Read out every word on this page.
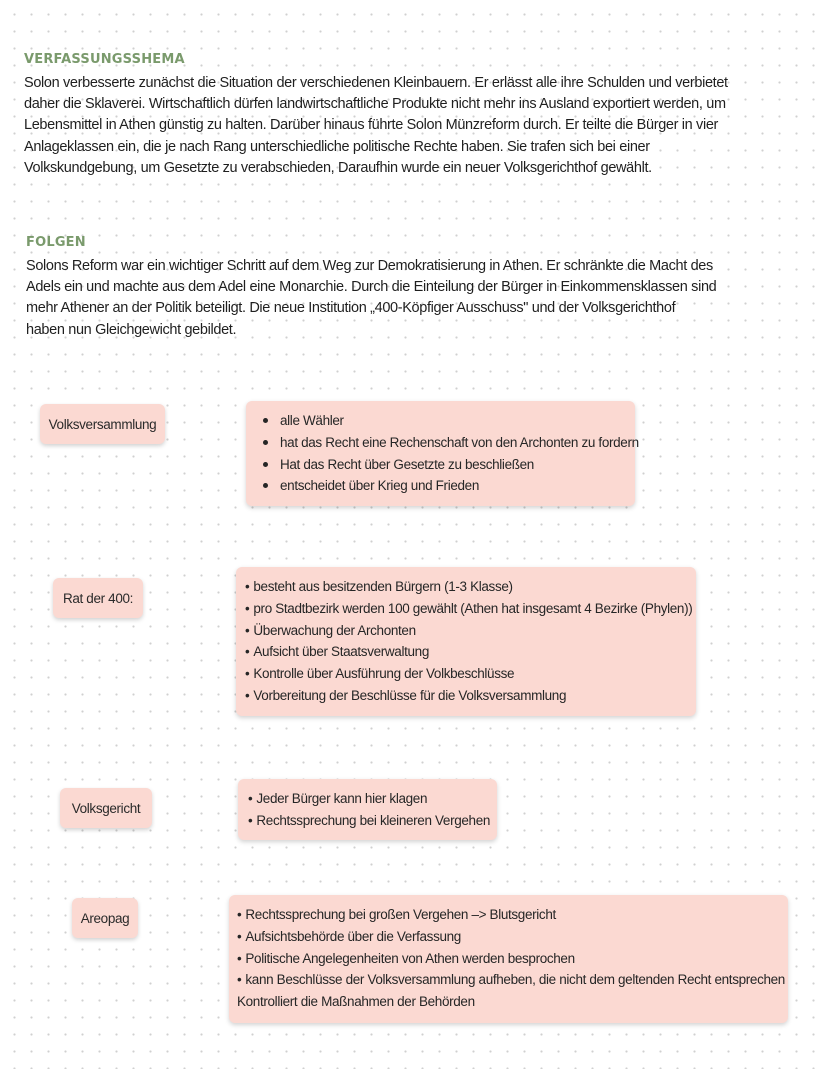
VERFASSUNGSSHEMA

Solon verbesserte zunächst die Situation der verschiedenen Kleinbauern. Er erlässt alle ihre Schulden und verbietet
daher die Sklaverei. Wirtschaftlich dürfen landwirtschaftliche Produkte nicht mehr ins Ausland exportiert werden, um
Lebensmittel in Athen günstig zu halten. Darüber hinaus führte Solon Münzreform durch. Er teilte die Bürger in vier
Anlageklassen ein, die je nach Rang unterschiedliche politische Rechte haben. Sie trafen sich bei einer
Volkskundgebung, um Gesetzte zu verabschieden, Daraufhin wurde ein neuer Volksgerichthof gewählt.

FOLGEN

Solons Reform war ein wichtiger Schritt auf dem Weg zur Demokratisierung in Athen. Er schränkte die Macht des
Adels ein und machte aus dem Adel eine Monarchie. Durch die Einteilung der Bürger in Einkommensklassen sind
mehr Athener an der Politik beteiligt. Die neue Institution „400-Köpfiger Ausschuss" und der Volksgerichthof
haben nun Gleichgewicht gebildet.

Volksversammlung	alle Wähler
hat das Recht eine Rechenschaft von den Archonten zu fordern
Hat das Recht über Gesetzte zu beschließen
entscheidet über Krieg und Frieden
Rat der 400:
• besteht aus besitzenden Bürgern (1-3 Klasse)
• pro Stadtbezirk werden 100 gewählt (Athen hat insgesamt 4 Bezirke (Phylen))
• Überwachung der Archonten
• Aufsicht über Staatsverwaltung
• Kontrolle über Ausführung der Volkbeschlüsse
• Vorbereitung der Beschlüsse für die Volksversammlung
Volksgericht
• Jeder Bürger kann hier klagen
• Rechtssprechung bei kleineren Vergehen
Areopag
•	Rechtssprechung bei großen Vergehen –> Blutsgericht
• Aufsichtsbehörde über die Verfassung
• Politische Angelegenheiten von Athen werden besprochen
• kann Beschlüsse der Volksversammlung aufheben, die nicht dem geltenden Recht entsprechen
Kontrolliert die Maßnahmen der Behörden
